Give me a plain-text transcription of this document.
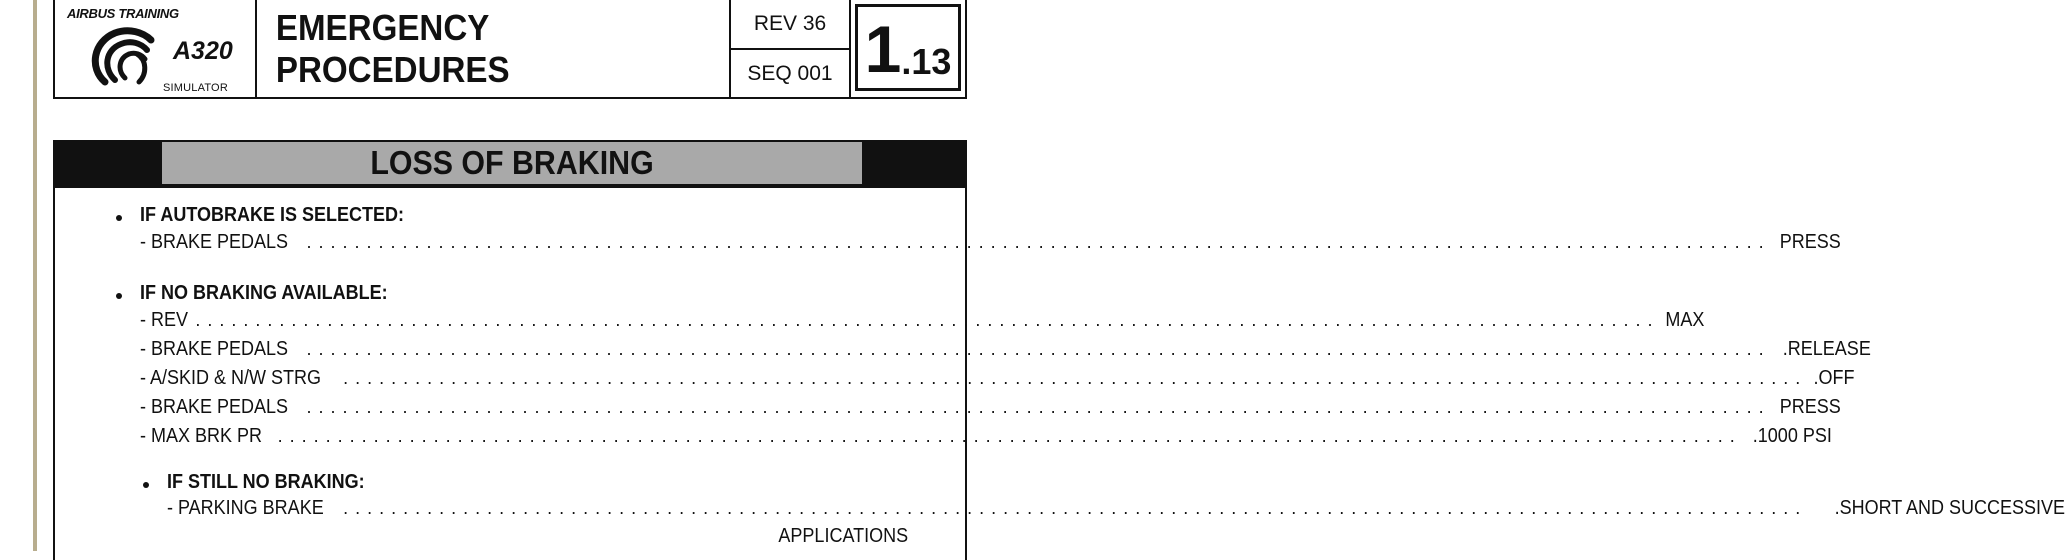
AIRBUS TRAINING
A320
SIMULATOR
EMERGENCY PROCEDURES
REV 36
SEQ 001 1 .13
LOSS OF BRAKING
IF AUTOBRAKE IS SELECTED:
- BRAKE PEDALS .......................................................................................................................... PRESS
IF NO BRAKING AVAILABLE:
- REV .......................................................................................................................... MAX
- BRAKE PEDALS .......................................................................................................................... .RELEASE
- A/SKID & N/W STRG .......................................................................................................................... .OFF
- BRAKE PEDALS .......................................................................................................................... PRESS
- MAX BRK PR .......................................................................................................................... .1000 PSI
IF STILL NO BRAKING:
- PARKING BRAKE .......................................................................................................................... .SHORT AND SUCCESSIVE
APPLICATIONS
